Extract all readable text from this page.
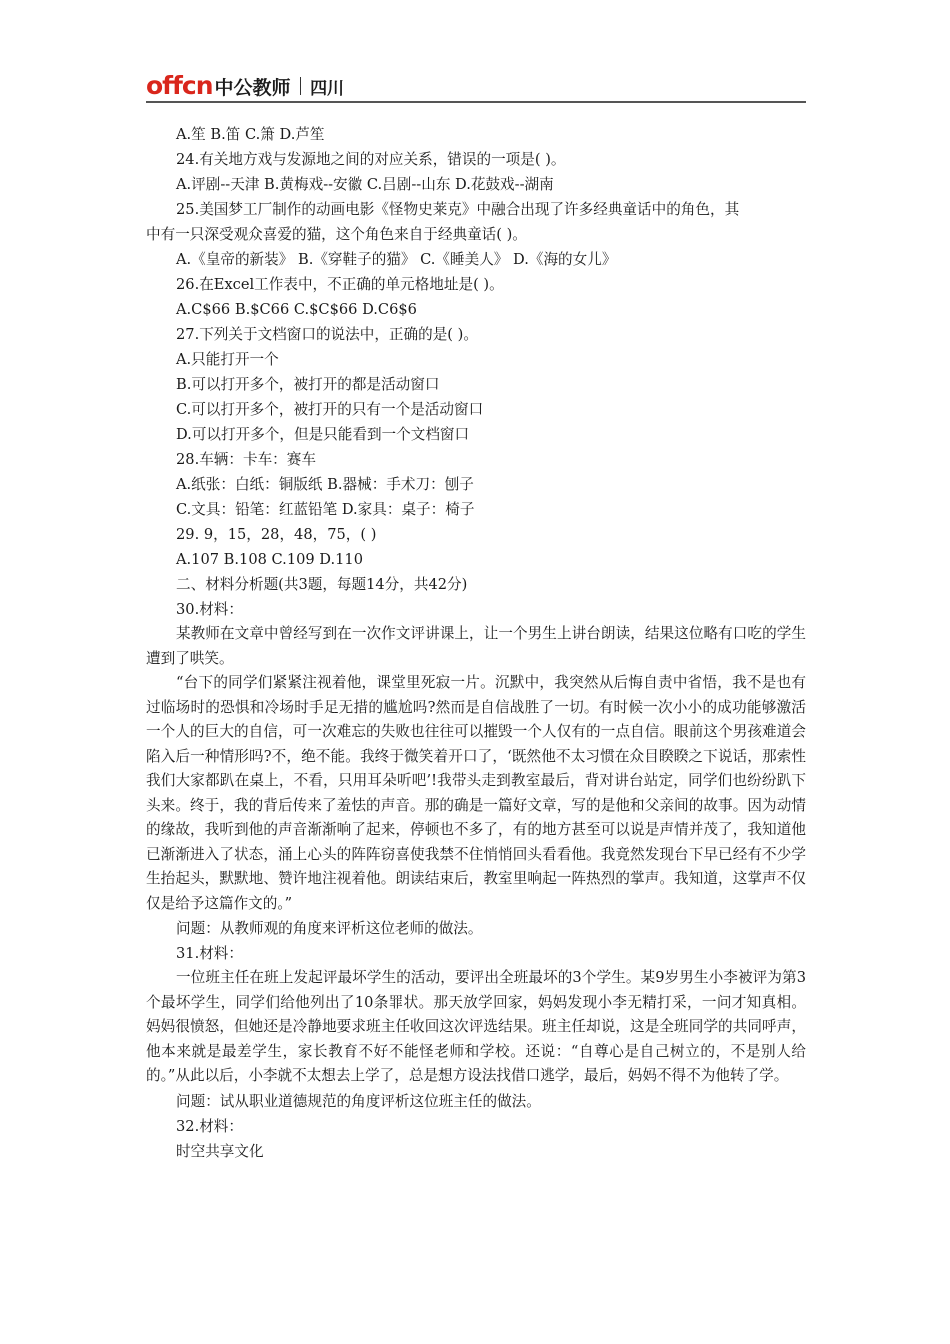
offcn 中公教师 四川
A.笙 B.笛 C.箫 D.芦笙
24.有关地方戏与发源地之间的对应关系，错误的一项是( )。
A.评剧--天津 B.黄梅戏--安徽 C.吕剧--山东 D.花鼓戏--湖南
25.美国梦工厂制作的动画电影《怪物史莱克》中融合出现了许多经典童话中的角色，其
中有一只深受观众喜爱的猫，这个角色来自于经典童话( )。
A.《皇帝的新装》 B.《穿鞋子的猫》 C.《睡美人》 D.《海的女儿》
26.在Excel工作表中，不正确的单元格地址是( )。
A.C$66 B.$C66 C.$C$66 D.C6$6
27.下列关于文档窗口的说法中，正确的是( )。
A.只能打开一个
B.可以打开多个，被打开的都是活动窗口
C.可以打开多个，被打开的只有一个是活动窗口
D.可以打开多个，但是只能看到一个文档窗口
28.车辆：卡车：赛车
A.纸张：白纸：铜版纸 B.器械：手术刀：刨子
C.文具：铅笔：红蓝铅笔 D.家具：桌子：椅子
29. 9，15，28，48，75，( )
A.107 B.108 C.109 D.110
二、材料分析题(共3题，每题14分，共42分)
30.材料：
某教师在文章中曾经写到在一次作文评讲课上，让一个男生上讲台朗读，结果这位略有口吃的学生遭到了哄笑。
“台下的同学们紧紧注视着他，课堂里死寂一片。沉默中，我突然从后悔自责中省悟，我不是也有过临场时的恐惧和冷场时手足无措的尴尬吗?然而是自信战胜了一切。有时候一次小小的成功能够激活一个人的巨大的自信，可一次难忘的失败也往往可以摧毁一个人仅有的一点自信。眼前这个男孩难道会陷入后一种情形吗?不，绝不能。我终于微笑着开口了，‘既然他不太习惯在众目睽睽之下说话，那索性我们大家都趴在桌上，不看，只用耳朵听吧’!我带头走到教室最后，背对讲台站定，同学们也纷纷趴下头来。终于，我的背后传来了羞怯的声音。那的确是一篇好文章，写的是他和父亲间的故事。因为动情的缘故，我听到他的声音渐渐响了起来，停顿也不多了，有的地方甚至可以说是声情并茂了，我知道他已渐渐进入了状态，涌上心头的阵阵窃喜使我禁不住悄悄回头看看他。我竟然发现台下早已经有不少学生抬起头，默默地、赞许地注视着他。朗读结束后，教室里响起一阵热烈的掌声。我知道，这掌声不仅仅是给予这篇作文的。”
问题：从教师观的角度来评析这位老师的做法。
31.材料：
一位班主任在班上发起评最坏学生的活动，要评出全班最坏的3个学生。某9岁男生小李被评为第3个最坏学生，同学们给他列出了10条罪状。那天放学回家，妈妈发现小李无精打采，一问才知真相。妈妈很愤怒，但她还是冷静地要求班主任收回这次评选结果。班主任却说，这是全班同学的共同呼声，他本来就是最差学生，家长教育不好不能怪老师和学校。还说：“自尊心是自己树立的，不是别人给的。”从此以后，小李就不太想去上学了，总是想方设法找借口逃学，最后，妈妈不得不为他转了学。
问题：试从职业道德规范的角度评析这位班主任的做法。
32.材料：
时空共享文化
